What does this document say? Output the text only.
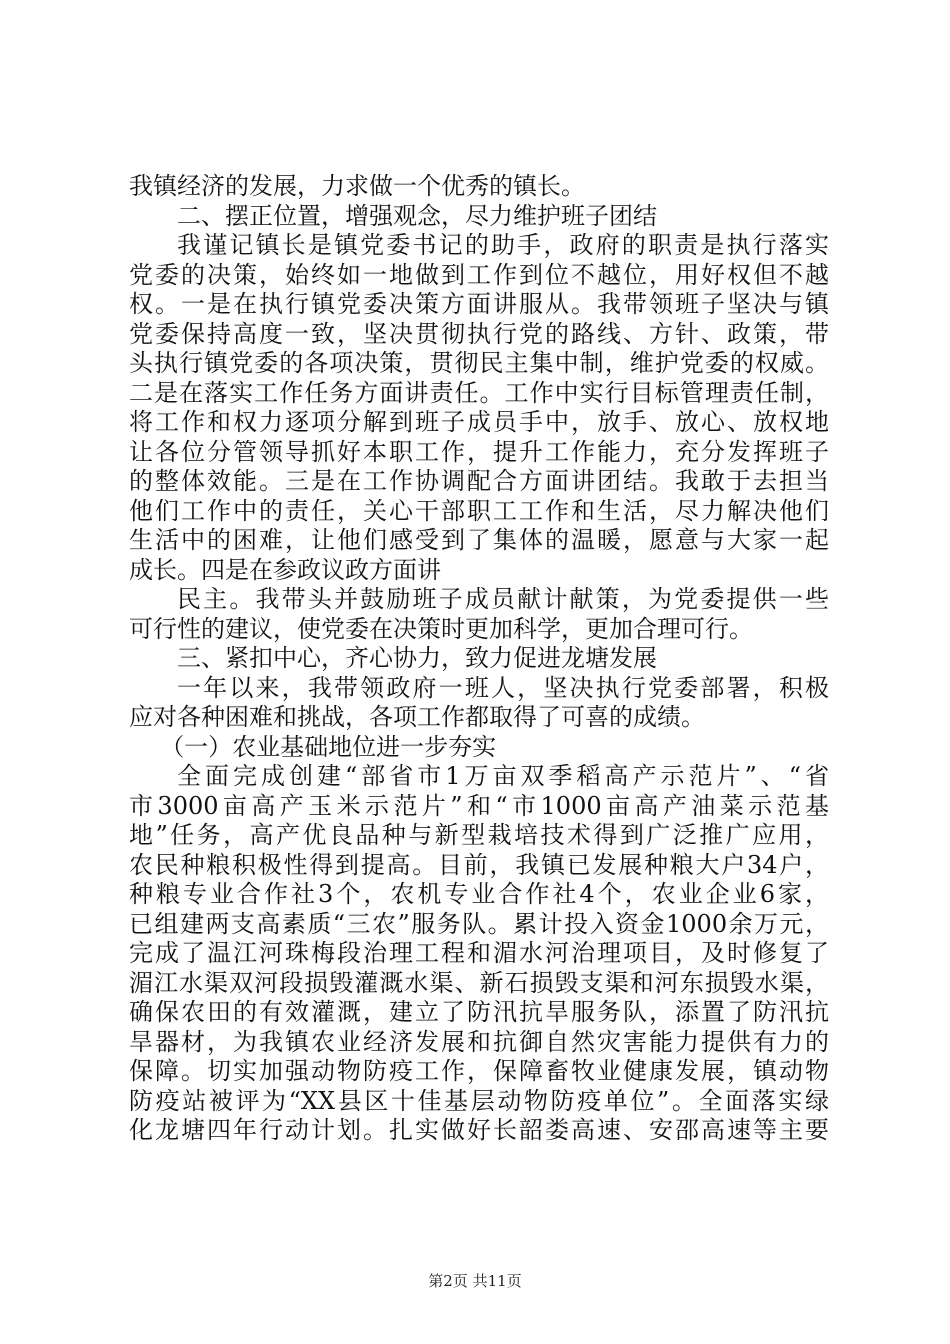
我镇经济的发展，力求做一个优秀的镇长。
二、摆正位置，增强观念，尽力维护班子团结
我谨记镇长是镇党委书记的助手，政府的职责是执行落实
党委的决策，始终如一地做到工作到位不越位，用好权但不越
权。一是在执行镇党委决策方面讲服从。我带领班子坚决与镇
党委保持高度一致，坚决贯彻执行党的路线、方针、政策，带
头执行镇党委的各项决策，贯彻民主集中制，维护党委的权威。
二是在落实工作任务方面讲责任。工作中实行目标管理责任制，
将工作和权力逐项分解到班子成员手中，放手、放心、放权地
让各位分管领导抓好本职工作，提升工作能力，充分发挥班子
的整体效能。三是在工作协调配合方面讲团结。我敢于去担当
他们工作中的责任，关心干部职工工作和生活，尽力解决他们
生活中的困难，让他们感受到了集体的温暖，愿意与大家一起
成长。四是在参政议政方面讲
民主。我带头并鼓励班子成员献计献策，为党委提供一些
可行性的建议，使党委在决策时更加科学，更加合理可行。
三、紧扣中心，齐心协力，致力促进龙塘发展
一年以来，我带领政府一班人，坚决执行党委部署，积极
应对各种困难和挑战，各项工作都取得了可喜的成绩。
（一）农业基础地位进一步夯实
全面完成创建“部省市1万亩双季稻高产示范片”、“省
市3000亩高产玉米示范片”和“市1000亩高产油菜示范基
地”任务，高产优良品种与新型栽培技术得到广泛推广应用，
农民种粮积极性得到提高。目前，我镇已发展种粮大户34户，
种粮专业合作社3个，农机专业合作社4个，农业企业6家，
已组建两支高素质“三农”服务队。累计投入资金1000余万元，
完成了温江河珠梅段治理工程和湄水河治理项目，及时修复了
湄江水渠双河段损毁灌溉水渠、新石损毁支渠和河东损毁水渠，
确保农田的有效灌溉，建立了防汛抗旱服务队，添置了防汛抗
旱器材，为我镇农业经济发展和抗御自然灾害能力提供有力的
保障。切实加强动物防疫工作，保障畜牧业健康发展，镇动物
防疫站被评为“XX县区十佳基层动物防疫单位”。全面落实绿
化龙塘四年行动计划。扎实做好长韶娄高速、安邵高速等主要
第2页 共11页
